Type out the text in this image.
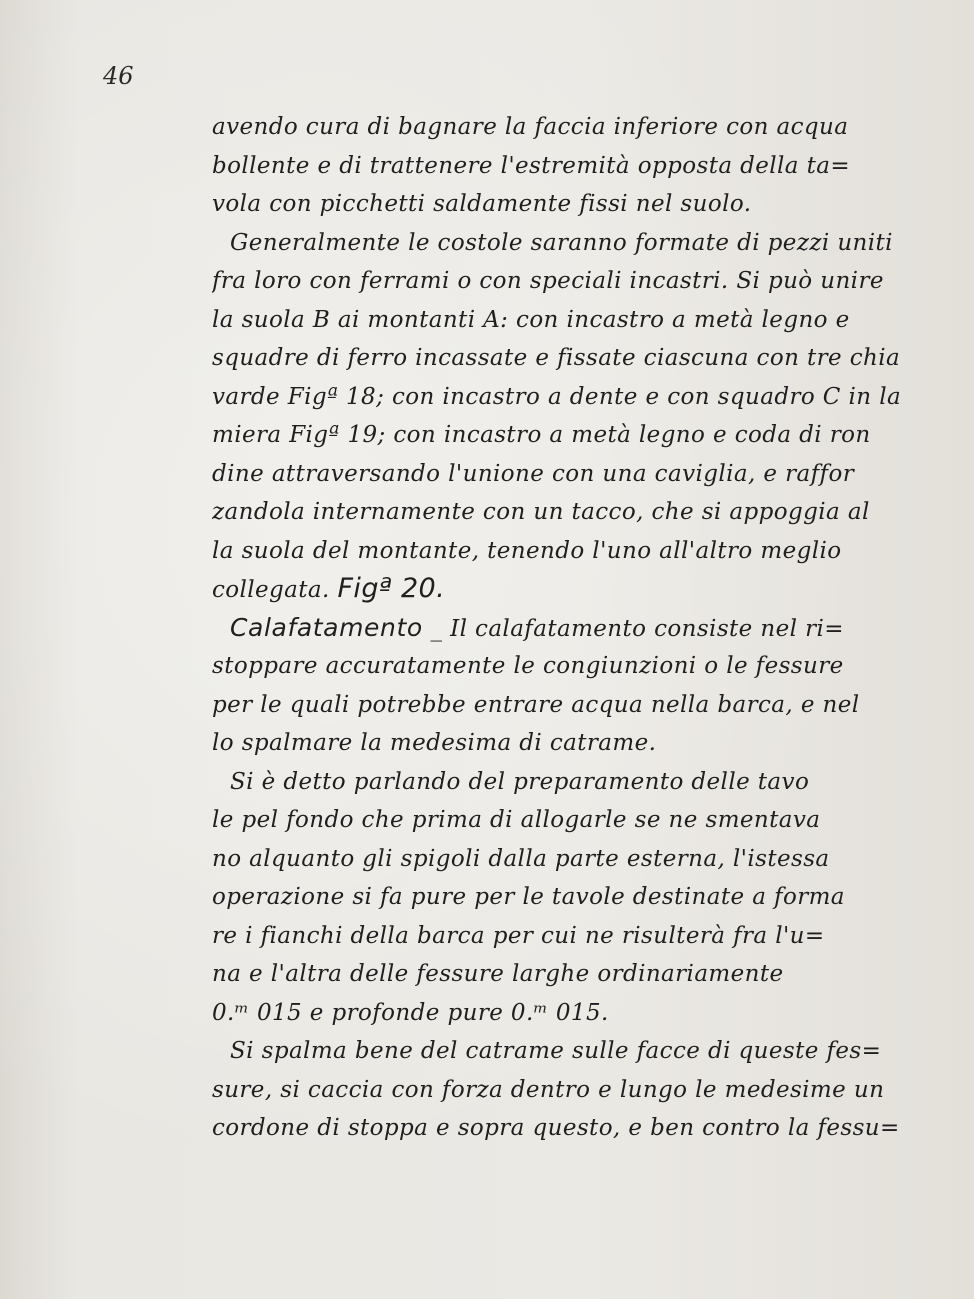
46
avendo cura di bagnare la faccia inferiore con acqua
bollente e di trattenere l'estremità opposta della ta=
vola con picchetti saldamente fissi nel suolo.
Generalmente le costole saranno formate di pezzi uniti
fra loro con ferrami o con speciali incastri. Si può unire
la suola B ai montanti A: con incastro a metà legno e
squadre di ferro incassate e fissate ciascuna con tre chia
varde Figª 18; con incastro a dente e con squadro C in la
miera Figª 19; con incastro a metà legno e coda di ron
dine attraversando l'unione con una caviglia, e raffor
zandola internamente con un tacco, che si appoggia al
la suola del montante, tenendo l'uno all'altro meglio
collegata. Figª 20.
Calafatamento _ Il calafatamento consiste nel ri=
stoppare accuratamente le congiunzioni o le fessure
per le quali potrebbe entrare acqua nella barca, e nel
lo spalmare la medesima di catrame.
Si è detto parlando del preparamento delle tavo
le pel fondo che prima di allogarle se ne smentava
no alquanto gli spigoli dalla parte esterna, l'istessa
operazione si fa pure per le tavole destinate a forma
re i fianchi della barca per cui ne risulterà fra l'u=
na e l'altra delle fessure larghe ordinariamente
0.ᵐ 015 e profonde pure 0.ᵐ 015.
Si spalma bene del catrame sulle facce di queste fes=
sure, si caccia con forza dentro e lungo le medesime un
cordone di stoppa e sopra questo, e ben contro la fessu=
